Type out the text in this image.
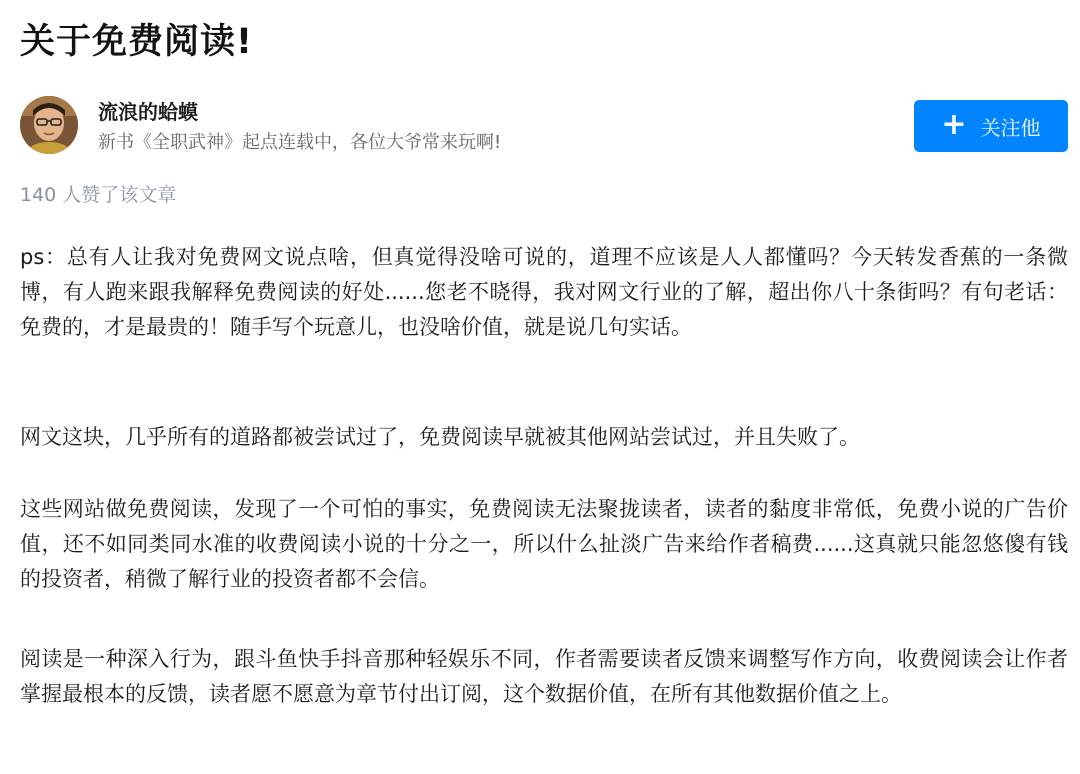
关于免费阅读!
流浪的蛤蟆
新书《全职武神》起点连载中，各位大爷常来玩啊!
+ 关注他
140 人赞了该文章

ps：总有人让我对免费网文说点啥，但真觉得没啥可说的，道理不应该是人人都懂吗？今天转发香蕉的一条微博，有人跑来跟我解释免费阅读的好处......您老不晓得，我对网文行业的了解，超出你八十条街吗？有句老话：免费的，才是最贵的！随手写个玩意儿，也没啥价值，就是说几句实话。

网文这块，几乎所有的道路都被尝试过了，免费阅读早就被其他网站尝试过，并且失败了。

这些网站做免费阅读，发现了一个可怕的事实，免费阅读无法聚拢读者，读者的黏度非常低，免费小说的广告价值，还不如同类同水准的收费阅读小说的十分之一，所以什么扯淡广告来给作者稿费......这真就只能忽悠傻有钱的投资者，稍微了解行业的投资者都不会信。

阅读是一种深入行为，跟斗鱼快手抖音那种轻娱乐不同，作者需要读者反馈来调整写作方向，收费阅读会让作者掌握最根本的反馈，读者愿不愿意为章节付出订阅，这个数据价值，在所有其他数据价值之上。
